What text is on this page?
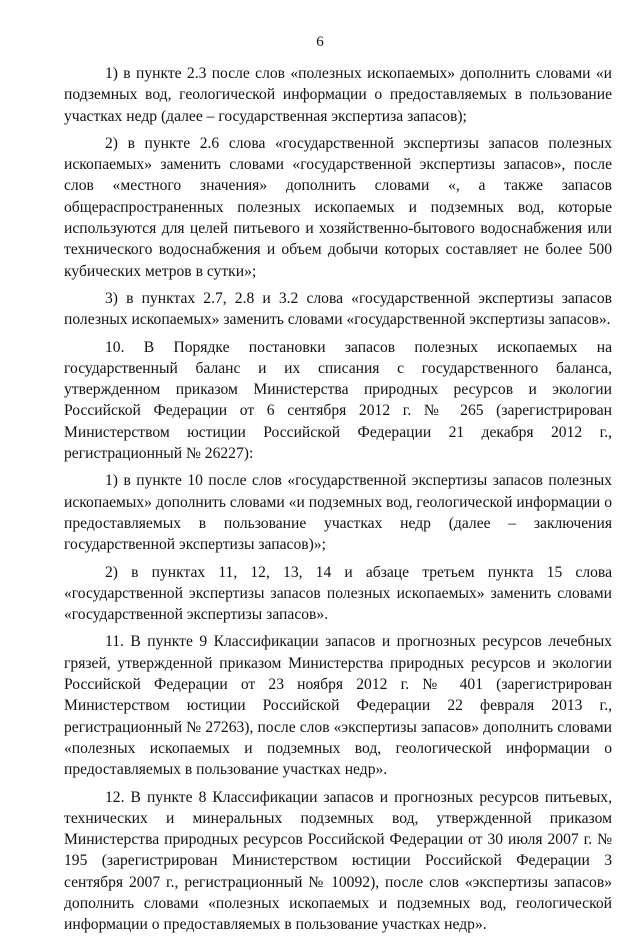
6

1) в пункте 2.3 после слов «полезных ископаемых» дополнить словами «и подземных вод, геологической информации о предоставляемых в пользование участках недр (далее – государственная экспертиза запасов);

2) в пункте 2.6 слова «государственной экспертизы запасов полезных ископаемых» заменить словами «государственной экспертизы запасов», после слов «местного значения» дополнить словами «, а также запасов общераспространенных полезных ископаемых и подземных вод, которые используются для целей питьевого и хозяйственно-бытового водоснабжения или технического водоснабжения и объем добычи которых составляет не более 500 кубических метров в сутки»;

3) в пунктах 2.7, 2.8 и 3.2 слова «государственной экспертизы запасов полезных ископаемых» заменить словами «государственной экспертизы запасов».

10. В Порядке постановки запасов полезных ископаемых на государственный баланс и их списания с государственного баланса, утвержденном приказом Министерства природных ресурсов и экологии Российской Федерации от 6 сентября 2012 г. № 265 (зарегистрирован Министерством юстиции Российской Федерации 21 декабря 2012 г., регистрационный № 26227):

1) в пункте 10 после слов «государственной экспертизы запасов полезных ископаемых» дополнить словами «и подземных вод, геологической информации о предоставляемых в пользование участках недр (далее – заключения государственной экспертизы запасов)»;

2) в пунктах 11, 12, 13, 14 и абзаце третьем пункта 15 слова «государственной экспертизы запасов полезных ископаемых» заменить словами «государственной экспертизы запасов».

11. В пункте 9 Классификации запасов и прогнозных ресурсов лечебных грязей, утвержденной приказом Министерства природных ресурсов и экологии Российской Федерации от 23 ноября 2012 г. № 401 (зарегистрирован Министерством юстиции Российской Федерации 22 февраля 2013 г., регистрационный № 27263), после слов «экспертизы запасов» дополнить словами «полезных ископаемых и подземных вод, геологической информации о предоставляемых в пользование участках недр».

12. В пункте 8 Классификации запасов и прогнозных ресурсов питьевых, технических и минеральных подземных вод, утвержденной приказом Министерства природных ресурсов Российской Федерации от 30 июля 2007 г. № 195 (зарегистрирован Министерством юстиции Российской Федерации 3 сентября 2007 г., регистрационный № 10092), после слов «экспертизы запасов» дополнить словами «полезных ископаемых и подземных вод, геологической информации о предоставляемых в пользование участках недр».
